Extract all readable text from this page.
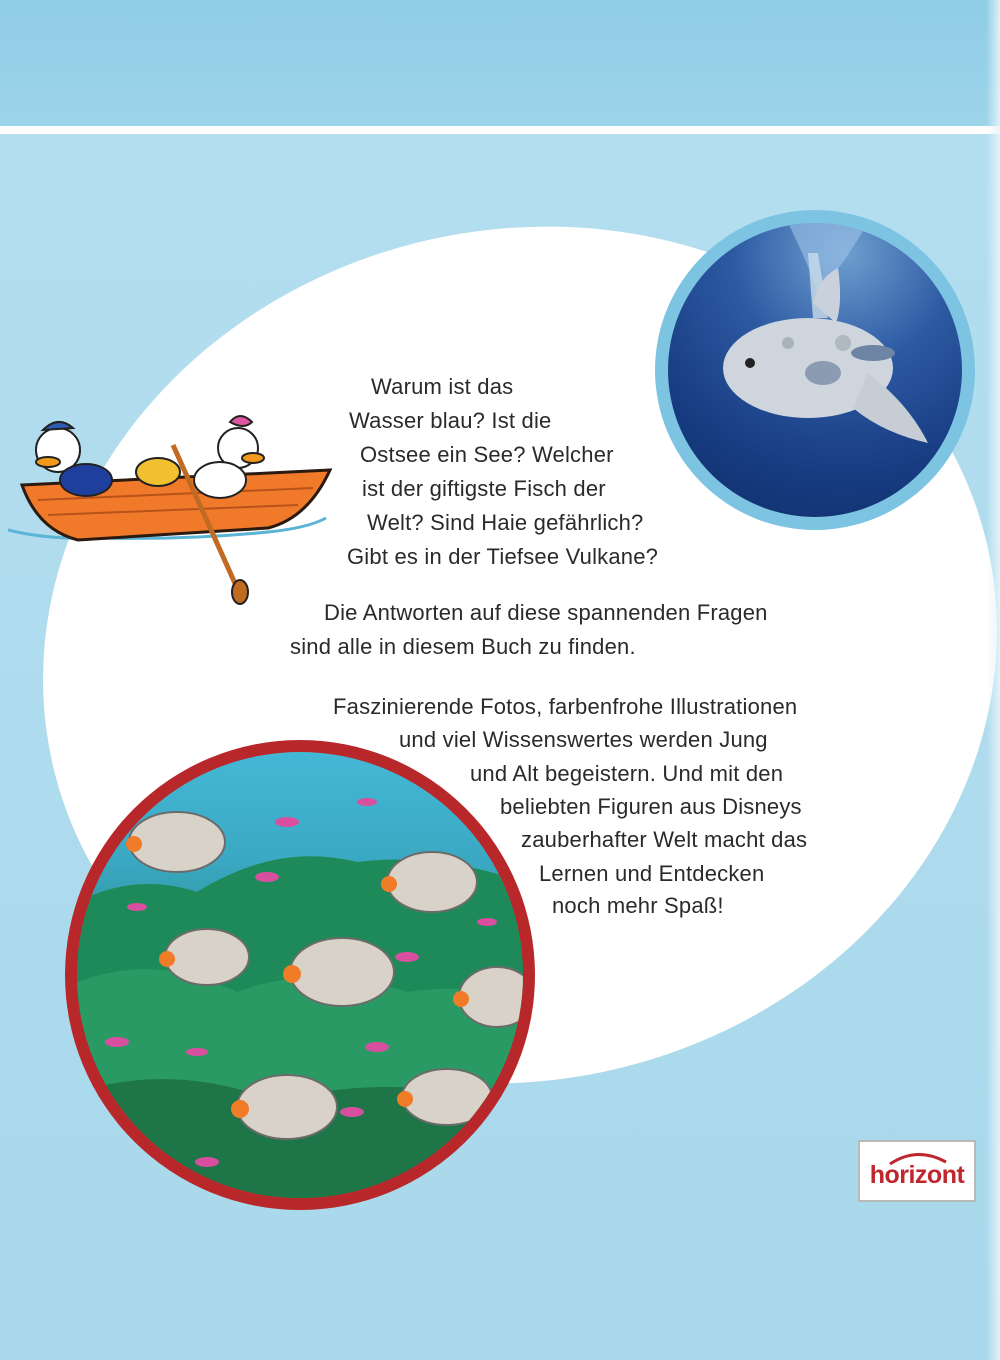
Warum ist das
Wasser blau? Ist die
Ostsee ein See? Welcher
ist der giftigste Fisch der
Welt? Sind Haie gefährlich?
Gibt es in der Tiefsee Vulkane?
Die Antworten auf diese spannenden Fragen
sind alle in diesem Buch zu finden.
Faszinierende Fotos, farbenfrohe Illustrationen
und viel Wissenswertes werden Jung
und Alt begeistern. Und mit den
beliebten Figuren aus Disneys
zauberhafter Welt macht das
Lernen und Entdecken
noch mehr Spaß!
horizont
